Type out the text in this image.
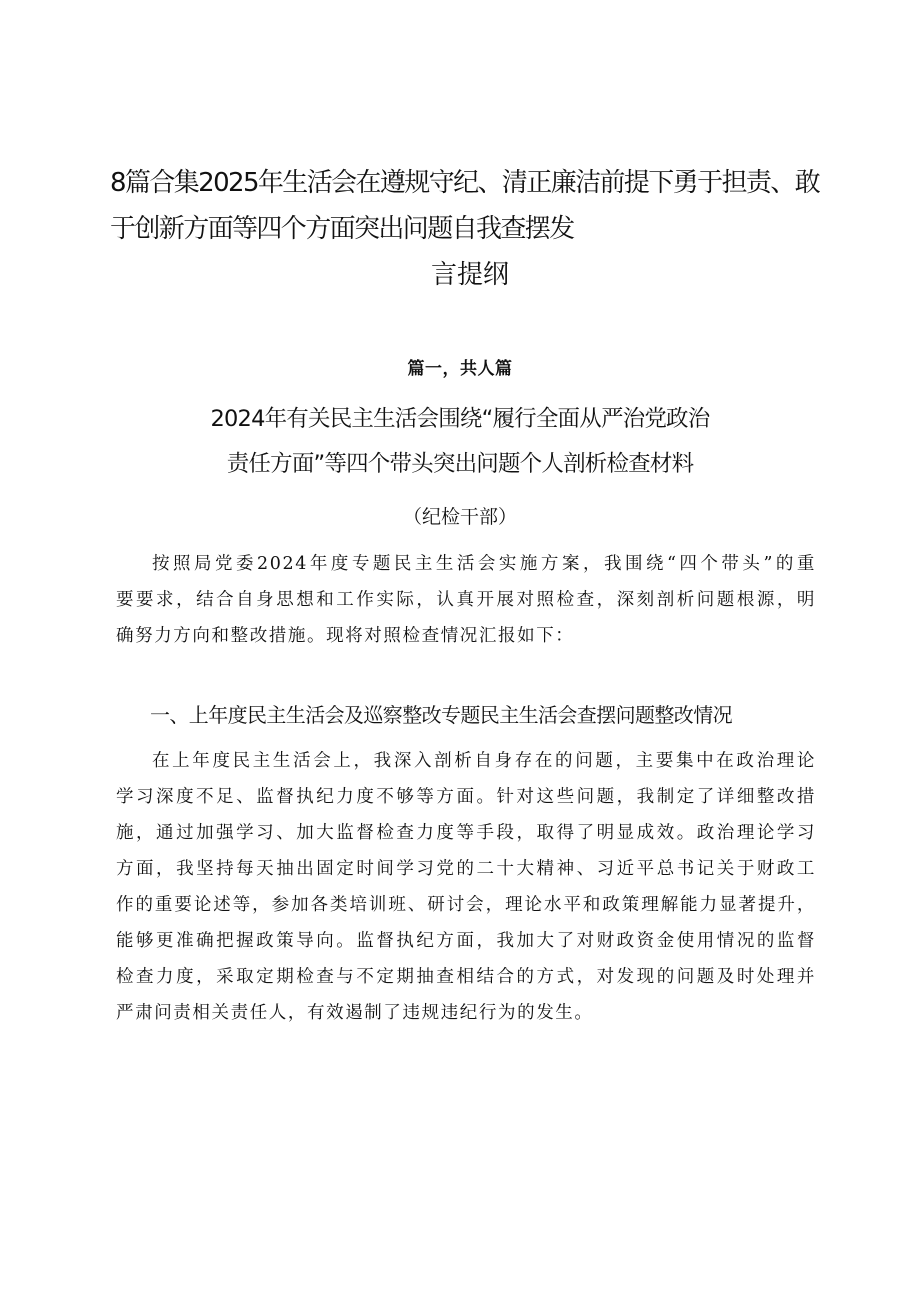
8篇合集2025年生活会在遵规守纪、清正廉洁前提下勇于担责、敢
于创新方面等四个方面突出问题自我查摆发
言提纲
篇一，共人篇
2024年有关民主生活会围绕“履行全面从严治党政治
责任方面”等四个带头突出问题个人剖析检查材料
（纪检干部）

按照局党委2024年度专题民主生活会实施方案，我围绕“四个带头”的重
要要求，结合自身思想和工作实际，认真开展对照检查，深刻剖析问题根源，明
确努力方向和整改措施。现将对照检查情况汇报如下：

一、上年度民主生活会及巡察整改专题民主生活会查摆问题整改情况

在上年度民主生活会上，我深入剖析自身存在的问题，主要集中在政治理论
学习深度不足、监督执纪力度不够等方面。针对这些问题，我制定了详细整改措
施，通过加强学习、加大监督检查力度等手段，取得了明显成效。政治理论学习
方面，我坚持每天抽出固定时间学习党的二十大精神、习近平总书记关于财政工
作的重要论述等，参加各类培训班、研讨会，理论水平和政策理解能力显著提升，
能够更准确把握政策导向。监督执纪方面，我加大了对财政资金使用情况的监督
检查力度，采取定期检查与不定期抽查相结合的方式，对发现的问题及时处理并
严肃问责相关责任人，有效遏制了违规违纪行为的发生。
